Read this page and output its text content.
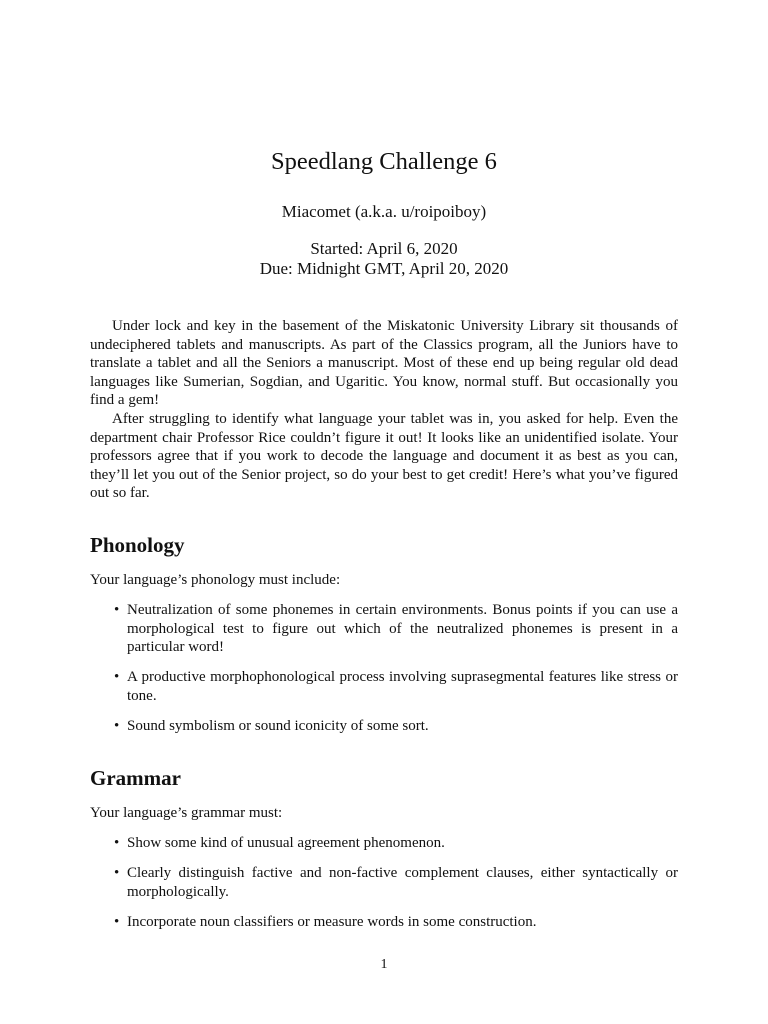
Speedlang Challenge 6
Miacomet (a.k.a. u/roipoiboy)
Started: April 6, 2020
Due: Midnight GMT, April 20, 2020

Under lock and key in the basement of the Miskatonic University Library sit thousands of undeciphered tablets and manuscripts. As part of the Classics program, all the Juniors have to translate a tablet and all the Seniors a manuscript. Most of these end up being regular old dead languages like Sumerian, Sogdian, and Ugaritic. You know, normal stuff. But occasionally you find a gem!

After struggling to identify what language your tablet was in, you asked for help. Even the department chair Professor Rice couldn’t figure it out! It looks like an unidentified isolate. Your professors agree that if you work to decode the language and document it as best as you can, they’ll let you out of the Senior project, so do your best to get credit! Here’s what you’ve figured out so far.

Phonology
Your language’s phonology must include:
• Neutralization of some phonemes in certain environments. Bonus points if you can use a morphological test to figure out which of the neutralized phonemes is present in a particular word!
• A productive morphophonological process involving suprasegmental features like stress or tone.
• Sound symbolism or sound iconicity of some sort.
Grammar
Your language’s grammar must:
• Show some kind of unusual agreement phenomenon.
• Clearly distinguish factive and non-factive complement clauses, either syntactically or morphologically.
• Incorporate noun classifiers or measure words in some construction.
1
